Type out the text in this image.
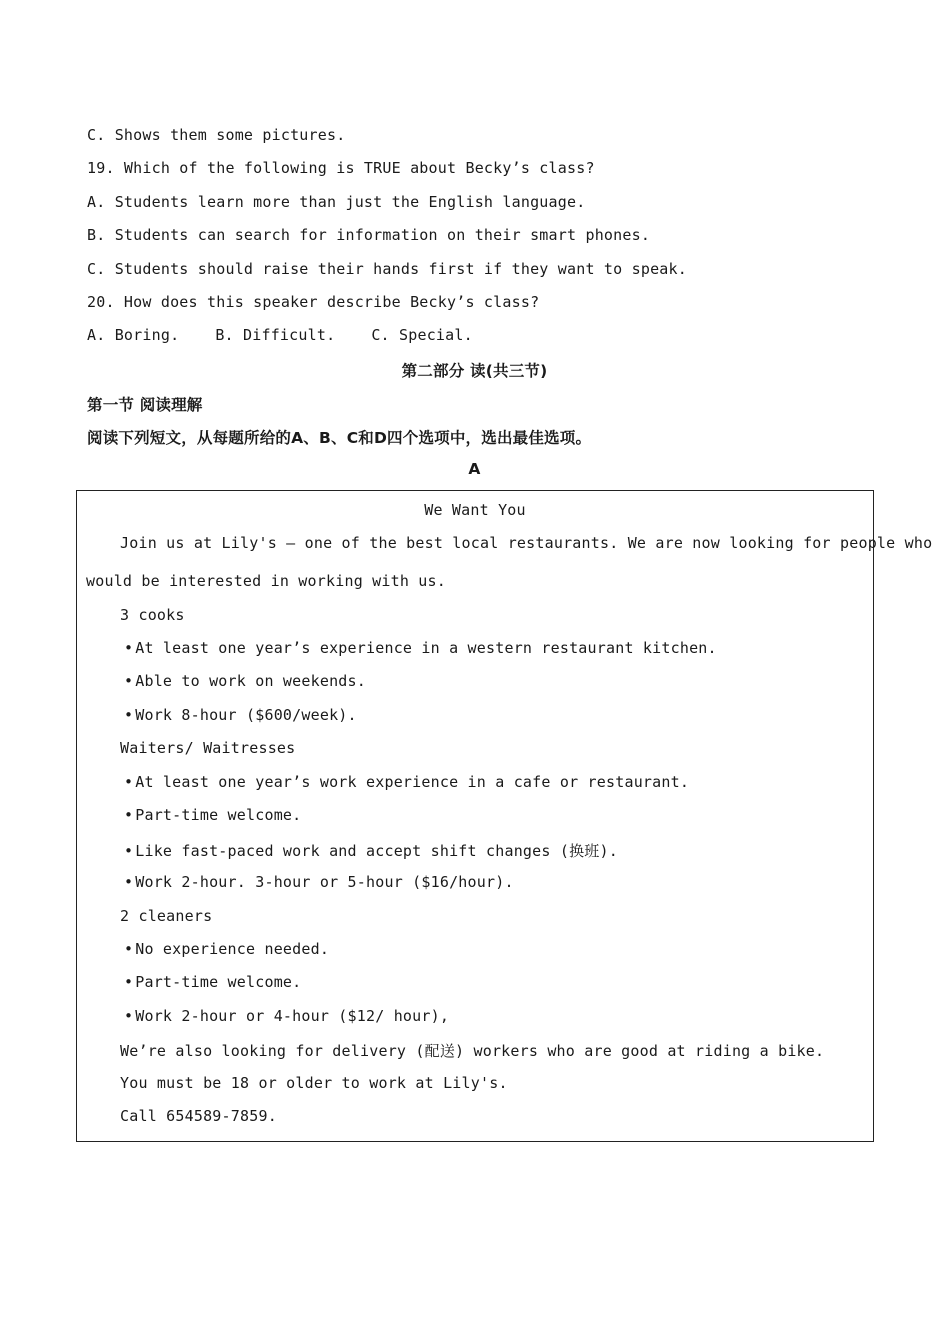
C. Shows them some pictures.
19. Which of the following is TRUE about Becky’s class?
A. Students learn more than just the English language.
B. Students can search for information on their smart phones.
C. Students should raise their hands first if they want to speak.
20. How does this speaker describe Becky’s class?
A. Boring. B. Difficult. C. Special.
第二部分 读(共三节)
第一节 阅读理解
阅读下列短文，从每题所给的A、B、C和D四个选项中，选出最佳选项。
A
We Want You
Join us at Lily's — one of the best local restaurants. We are now looking for people who
would be interested in working with us.
3 cooks
• At least one year’s experience in a western restaurant kitchen.
• Able to work on weekends.
• Work 8-hour ($600/week).
Waiters/ Waitresses
• At least one year’s work experience in a cafe or restaurant.
• Part-time welcome.
• Like fast-paced work and accept shift changes (换班).
• Work 2-hour. 3-hour or 5-hour ($16/hour).
2 cleaners
• No experience needed.
• Part-time welcome.
• Work 2-hour or 4-hour ($12/ hour),
We’re also looking for delivery (配送) workers who are good at riding a bike.
You must be 18 or older to work at Lily's.
Call 654589-7859.
